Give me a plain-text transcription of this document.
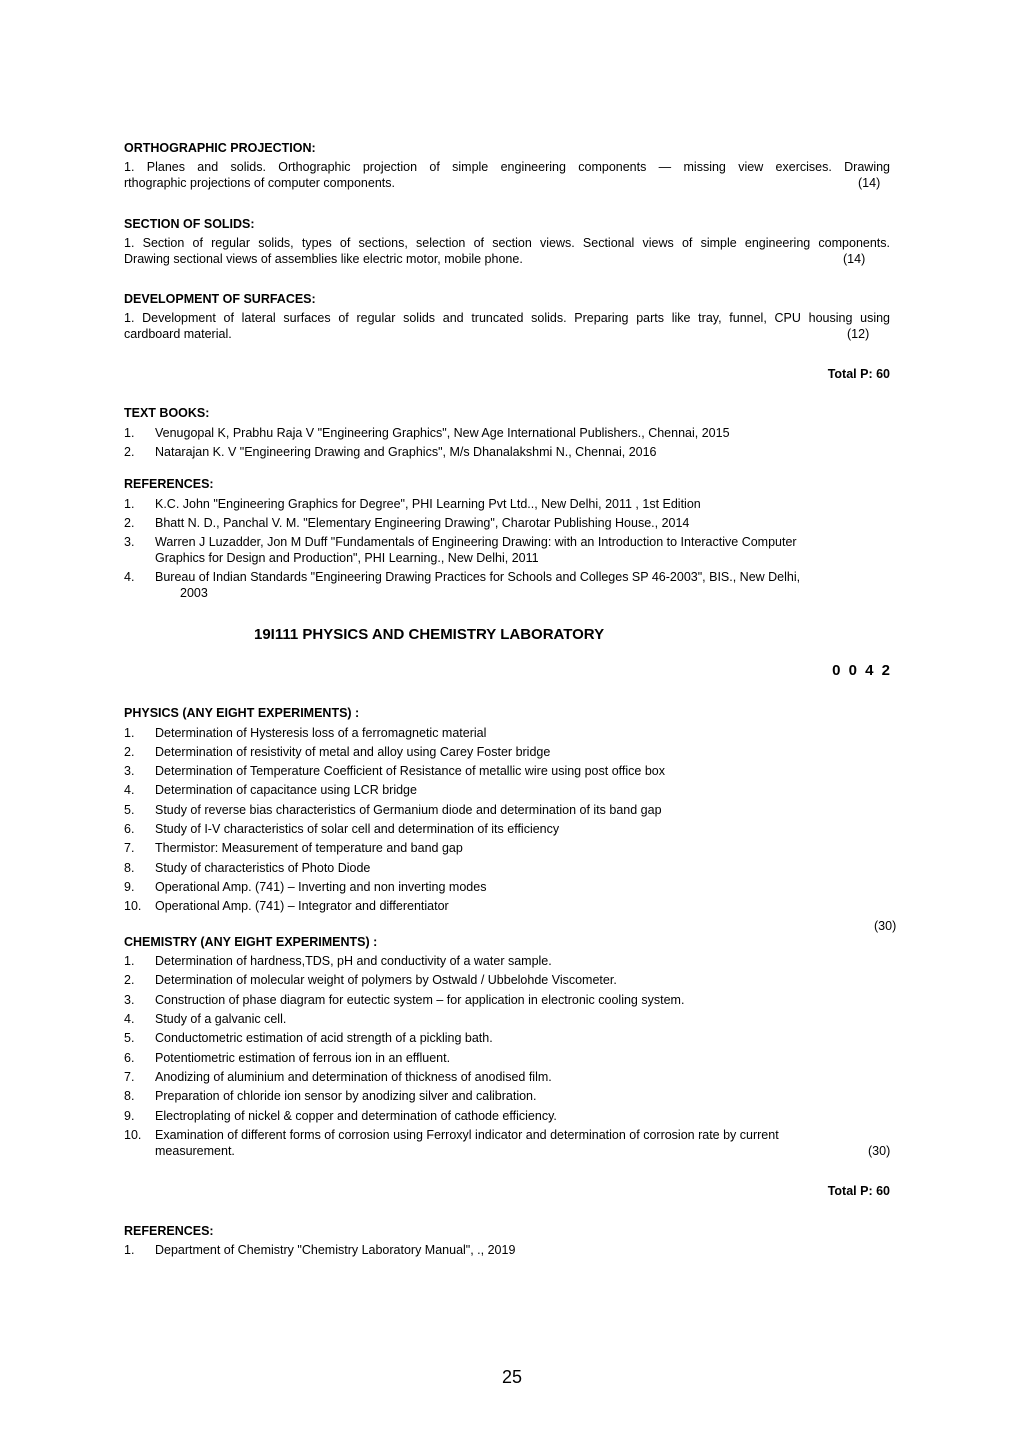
ORTHOGRAPHIC PROJECTION:
1. Planes and solids. Orthographic projection of simple engineering components — missing view exercises. Drawing
rthographic projections of computer components.	(14)
SECTION OF SOLIDS:
1. Section of regular solids, types of sections, selection of section views. Sectional views of simple engineering components.
Drawing sectional views of assemblies like electric motor, mobile phone.	(14)
DEVELOPMENT OF SURFACES:
1. Development of lateral surfaces of regular solids and truncated solids. Preparing parts like tray, funnel, CPU housing using
cardboard material.	(12)
Total P: 60
TEXT BOOKS:
1. Venugopal K, Prabhu Raja V "Engineering Graphics", New Age International Publishers., Chennai, 2015
2. Natarajan K. V "Engineering Drawing and Graphics", M/s Dhanalakshmi N., Chennai, 2016
REFERENCES:
1. K.C. John "Engineering Graphics for Degree", PHI Learning Pvt Ltd.., New Delhi, 2011 , 1st Edition
2. Bhatt N. D., Panchal V. M. "Elementary Engineering Drawing", Charotar Publishing House., 2014
3. Warren J Luzadder, Jon M Duff "Fundamentals of Engineering Drawing: with an Introduction to Interactive Computer
Graphics for Design and Production", PHI Learning., New Delhi, 2011
4. Bureau of Indian Standards "Engineering Drawing Practices for Schools and Colleges SP 46-2003", BIS., New Delhi,
2003
19I111 PHYSICS AND CHEMISTRY LABORATORY
0 0 4 2
PHYSICS (ANY EIGHT EXPERIMENTS) :
1. Determination of Hysteresis loss of a ferromagnetic material
2. Determination of resistivity of metal and alloy using Carey Foster bridge
3. Determination of Temperature Coefficient of Resistance of metallic wire using post office box
4. Determination of capacitance using LCR bridge
5. Study of reverse bias characteristics of Germanium diode and determination of its band gap
6. Study of I-V characteristics of solar cell and determination of its efficiency
7. Thermistor: Measurement of temperature and band gap
8. Study of characteristics of Photo Diode
9. Operational Amp. (741) – Inverting and non inverting modes
10. Operational Amp. (741) – Integrator and differentiator
(30)
CHEMISTRY (ANY EIGHT EXPERIMENTS) :
1. Determination of hardness,TDS, pH and conductivity of a water sample.
2. Determination of molecular weight of polymers by Ostwald / Ubbelohde Viscometer.
3. Construction of phase diagram for eutectic system – for application in electronic cooling system.
4. Study of a galvanic cell.
5. Conductometric estimation of acid strength of a pickling bath.
6. Potentiometric estimation of ferrous ion in an effluent.
7. Anodizing of aluminium and determination of thickness of anodised film.
8. Preparation of chloride ion sensor by anodizing silver and calibration.
9. Electroplating of nickel & copper and determination of cathode efficiency.
10. Examination of different forms of corrosion using Ferroxyl indicator and determination of corrosion rate by current
measurement.	(30)
Total P: 60
REFERENCES:
1. Department of Chemistry "Chemistry Laboratory Manual", ., 2019
25
